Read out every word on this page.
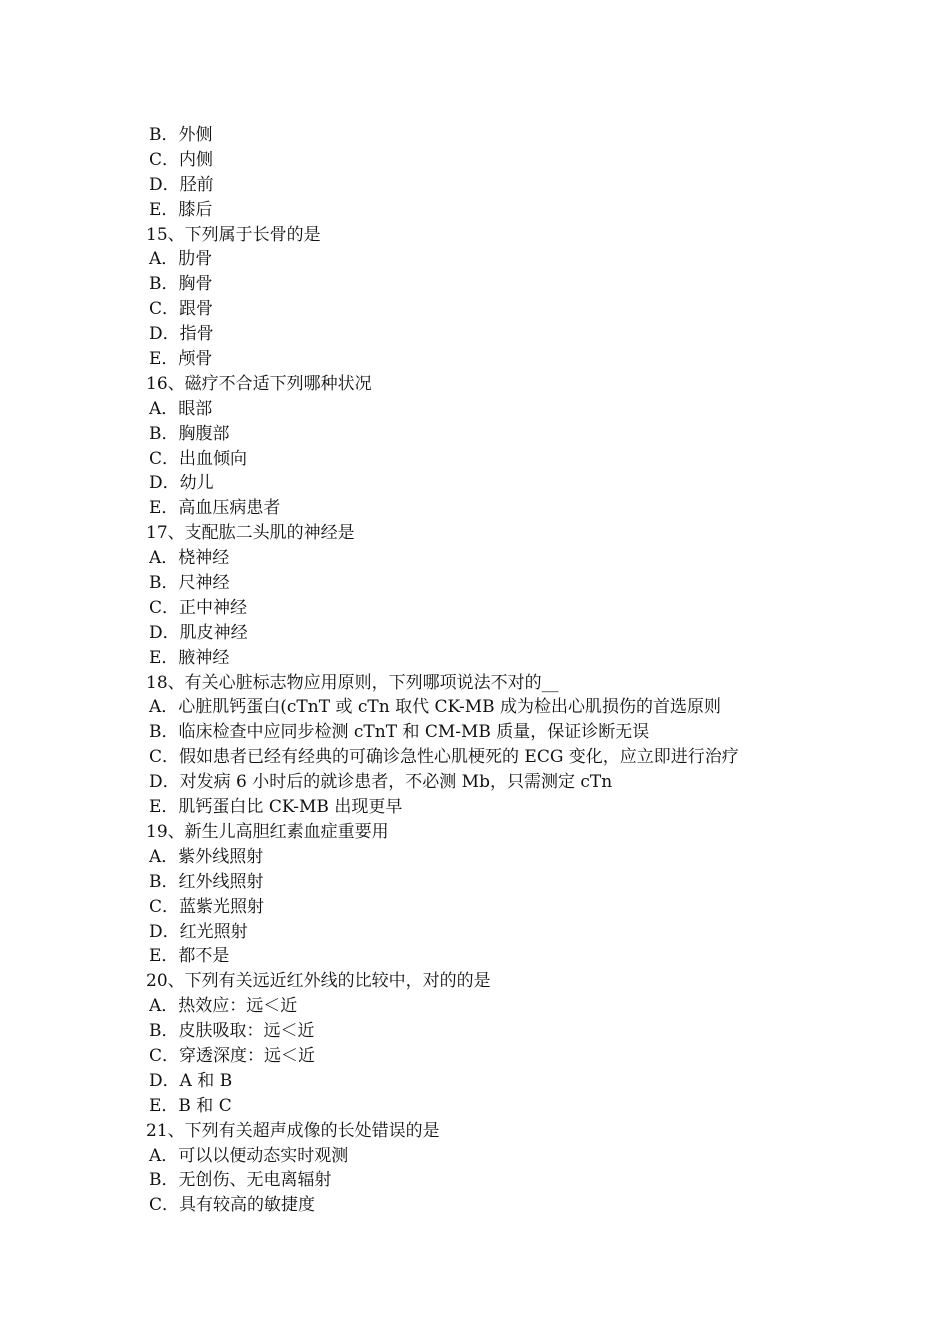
B．外侧
C．内侧
D．胫前
E．膝后
15、下列属于长骨的是
A．肋骨
B．胸骨
C．跟骨
D．指骨
E．颅骨
16、磁疗不合适下列哪种状况
A．眼部
B．胸腹部
C．出血倾向
D．幼儿
E．高血压病患者
17、支配肱二头肌的神经是
A．桡神经
B．尺神经
C．正中神经
D．肌皮神经
E．腋神经
18、有关心脏标志物应用原则，下列哪项说法不对的__
A．心脏肌钙蛋白(cTnT 或 cTn 取代 CK-MB 成为检出心肌损伤的首选原则
B．临床检查中应同步检测 cTnT 和 CM-MB 质量，保证诊断无误
C．假如患者已经有经典的可确诊急性心肌梗死的 ECG 变化，应立即进行治疗
D．对发病 6 小时后的就诊患者，不必测 Mb，只需测定 cTn
E．肌钙蛋白比 CK-MB 出现更早
19、新生儿高胆红素血症重要用
A．紫外线照射
B．红外线照射
C．蓝紫光照射
D．红光照射
E．都不是
20、下列有关远近红外线的比较中，对的的是
A．热效应：远＜近
B．皮肤吸取：远＜近
C．穿透深度：远＜近
D．A 和 B
E．B 和 C
21、下列有关超声成像的长处错误的是
A．可以以便动态实时观测
B．无创伤、无电离辐射
C．具有较高的敏捷度
